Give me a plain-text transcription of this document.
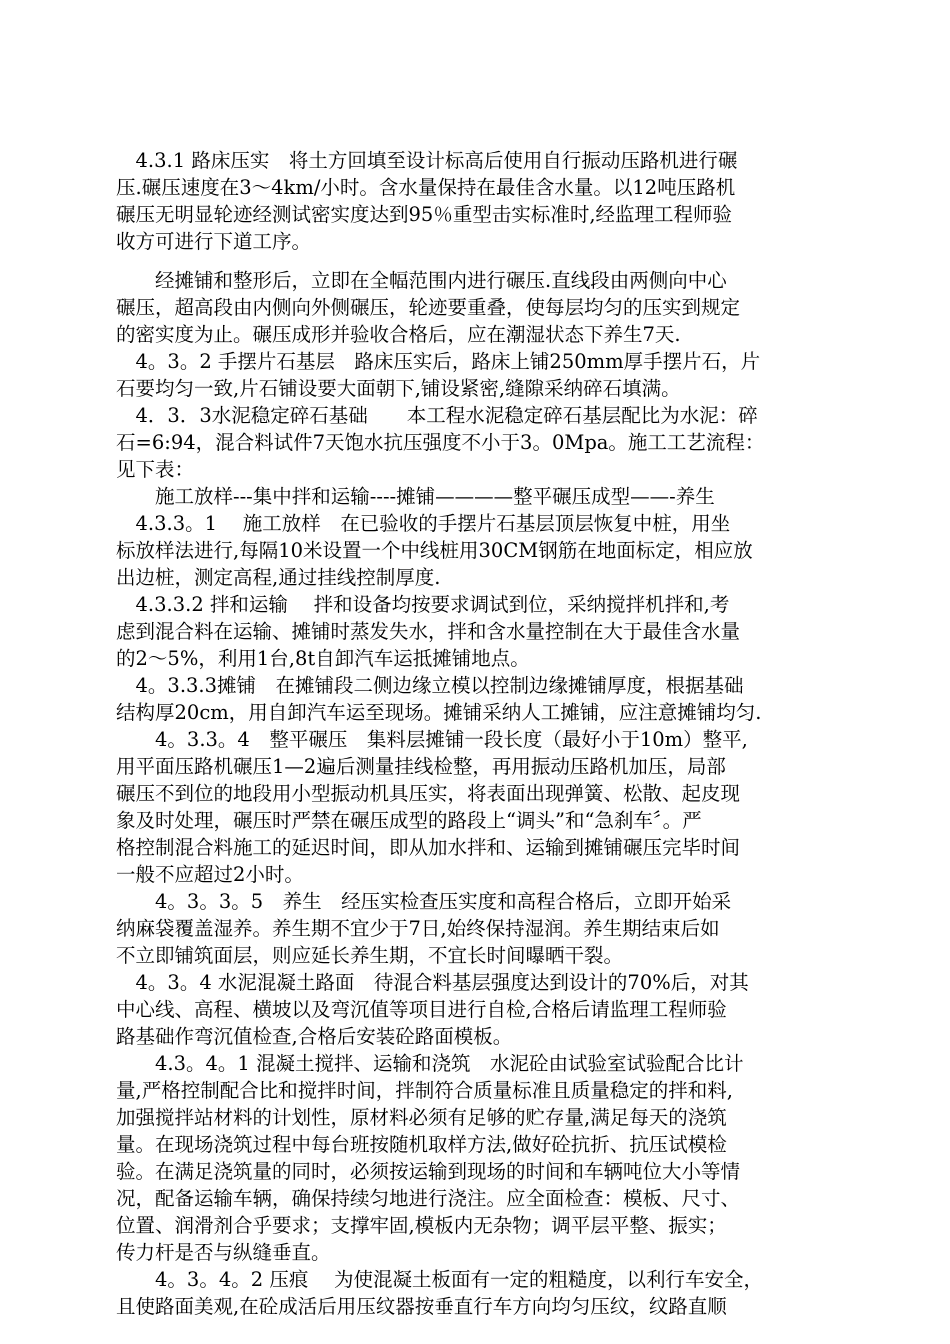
　4.3.1 路床压实　将土方回填至设计标高后使用自行振动压路机进行碾
压.碾压速度在3～4km/小时。含水量保持在最佳含水量。以12吨压路机
碾压无明显轮迹经测试密实度达到95％重型击实标准时,经监理工程师验
收方可进行下道工序。
　　经摊铺和整形后，立即在全幅范围内进行碾压.直线段由两侧向中心
碾压，超高段由内侧向外侧碾压，轮迹要重叠，使每层均匀的压实到规定
的密实度为止。碾压成形并验收合格后，应在潮湿状态下养生7天.
　4。3。2 手摆片石基层　路床压实后，路床上铺250mm厚手摆片石，片
石要均匀一致,片石铺设要大面朝下,铺设紧密,缝隙采纳碎石填满。
　4．3．3水泥稳定碎石基础　　本工程水泥稳定碎石基层配比为水泥：碎
石=6:94，混合料试件7天饱水抗压强度不小于3。0Mpa。施工工艺流程：
见下表：
　　施工放样---集中拌和运输----摊铺————整平碾压成型——-养生
　4.3.3。1　 施工放样　在已验收的手摆片石基层顶层恢复中桩，用坐
标放样法进行,每隔10米设置一个中线桩用30CM钢筋在地面标定，相应放
出边桩，测定高程,通过挂线控制厚度.
　4.3.3.2 拌和运输　 拌和设备均按要求调试到位，采纳搅拌机拌和,考
虑到混合料在运输、摊铺时蒸发失水，拌和含水量控制在大于最佳含水量
的2～5%，利用1台,8t自卸汽车运抵摊铺地点。
　4。3.3.3摊铺　在摊铺段二侧边缘立模以控制边缘摊铺厚度，根据基础
结构厚20cm，用自卸汽车运至现场。摊铺采纳人工摊铺，应注意摊铺均匀.
　　4。3.3。4　整平碾压　集料层摊铺一段长度（最好小于10m）整平,
用平面压路机碾压1—2遍后测量挂线检整，再用振动压路机加压，局部
碾压不到位的地段用小型振动机具压实，将表面出现弹簧、松散、起皮现
象及时处理，碾压时严禁在碾压成型的路段上“调头”和“急刹车〞。严
格控制混合料施工的延迟时间，即从加水拌和、运输到摊铺碾压完毕时间
一般不应超过2小时。
　　4。3。3。5　养生　经压实检查压实度和高程合格后，立即开始采
纳麻袋覆盖湿养。养生期不宜少于7日,始终保持湿润。养生期结束后如
不立即铺筑面层，则应延长养生期，不宜长时间曝晒干裂。
　4。3。4 水泥混凝土路面　待混合料基层强度达到设计的70%后，对其
中心线、高程、横坡以及弯沉值等项目进行自检,合格后请监理工程师验
路基础作弯沉值检查,合格后安装砼路面模板。
　　4.3。4。1 混凝土搅拌、运输和浇筑　水泥砼由试验室试验配合比计
量,严格控制配合比和搅拌时间，拌制符合质量标准且质量稳定的拌和料,
加强搅拌站材料的计划性，原材料必须有足够的贮存量,满足每天的浇筑
量。在现场浇筑过程中每台班按随机取样方法,做好砼抗折、抗压试模检
验。在满足浇筑量的同时，必须按运输到现场的时间和车辆吨位大小等情
况，配备运输车辆，确保持续匀地进行浇注。应全面检查：模板、尺寸、
位置、润滑剂合乎要求；支撑牢固,模板内无杂物；调平层平整、振实；
传力杆是否与纵缝垂直。
　　4。3。4。2 压痕　 为使混凝土板面有一定的粗糙度，以利行车安全，
且使路面美观,在砼成活后用压纹器按垂直行车方向均匀压纹，纹路直顺
